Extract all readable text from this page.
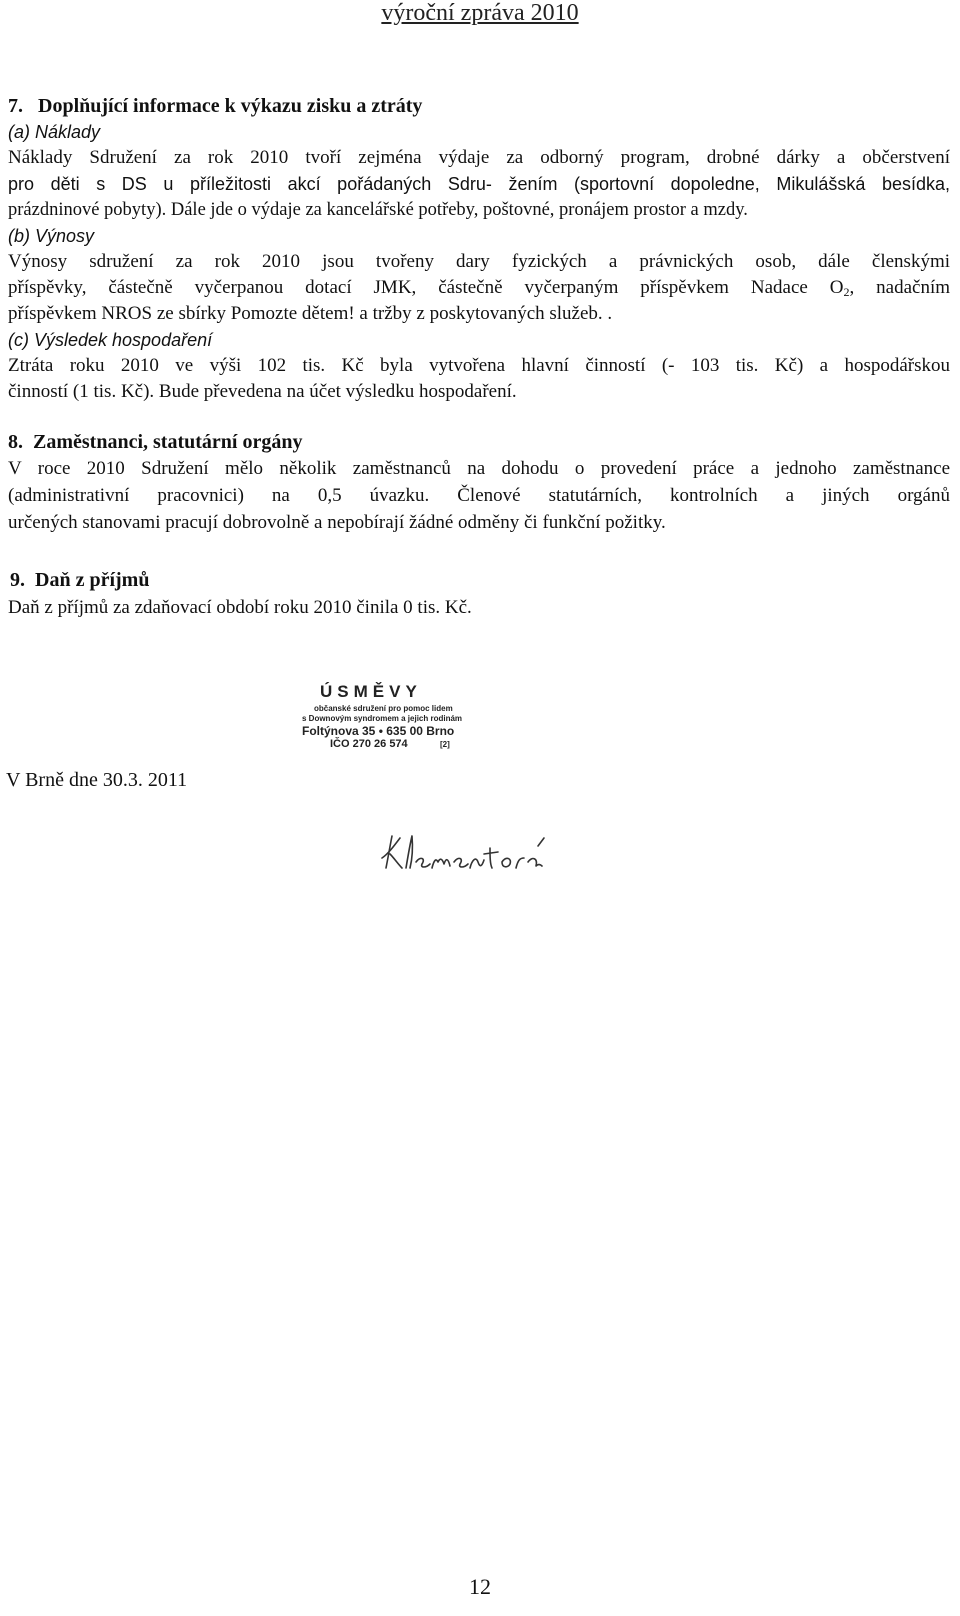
výroční zpráva 2010
7. Doplňující informace k výkazu zisku a ztráty
(a) Náklady
Náklady Sdružení za rok 2010 tvoří zejména výdaje za odborný program, drobné dárky a občerstvení
pro děti s DS u příležitosti akcí pořádaných Sdru- žením (sportovní dopoledne, Mikulášská besídka,
prázdninové pobyty). Dále jde o výdaje za kancelářské potřeby, poštovné, pronájem prostor a mzdy.
(b) Výnosy
Výnosy sdružení za rok 2010 jsou tvořeny dary fyzických a právnických osob, dále členskými
příspěvky, částečně vyčerpanou dotací JMK, částečně vyčerpaným příspěvkem Nadace $O_2$, nadačním
příspěvkem NROS ze sbírky Pomozte dětem! a tržby z poskytovaných služeb. .
(c) Výsledek hospodaření
Ztráta roku 2010 ve výši 102 tis. Kč byla vytvořena hlavní činností (- 103 tis. Kč) a hospodářskou
činností (1 tis. Kč). Bude převedena na účet výsledku hospodaření.
8. Zaměstnanci, statutární orgány
V roce 2010 Sdružení mělo několik zaměstnanců na dohodu o provedení práce a jednoho zaměstnance
(administrativní pracovnici) na 0,5 úvazku. Členové statutárních, kontrolních a jiných orgánů
určených stanovami pracují dobrovolně a nepobírají žádné odměny či funkční požitky.
9. Daň z příjmů
Daň z příjmů za zdaňovací období roku 2010 činila 0 tis. Kč.
ÚSMĚVY
občanské sdružení pro pomoc lidem
s Downovým syndromem a jejich rodinám
Foltýnova 35 • 635 00 Brno
IČO 270 26 574	[2]
V Brně dne 30.3. 2011
12
